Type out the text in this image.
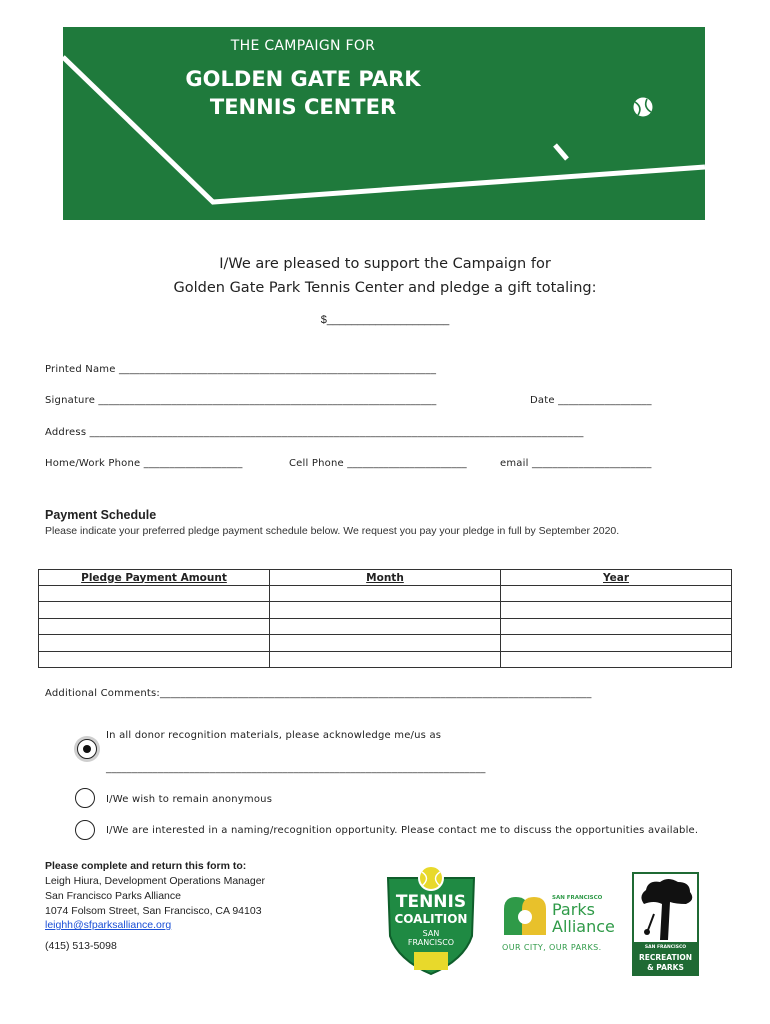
THE CAMPAIGN FOR
GOLDEN GATE PARK
TENNIS CENTER
I/We are pleased to support the Campaign for
Golden Gate Park Tennis Center and pledge a gift totaling:
$____________________
Printed Name _____________________________________________________________
Signature _________________________________________________________________	Date __________________
Address _______________________________________________________________________________________________
Home/Work Phone ___________________	Cell Phone _______________________	email _______________________
Payment Schedule
Please indicate your preferred pledge payment schedule below. We request you pay your pledge in full by September 2020.
Pledge Payment Amount	Month	Year

Additional Comments:___________________________________________________________________________________
In all donor recognition materials, please acknowledge me/us as
_________________________________________________________________________
I/We wish to remain anonymous
I/We are interested in a naming/recognition opportunity. Please contact me to discuss the opportunities available.
Please complete and return this form to:
Leigh Hiura, Development Operations Manager
San Francisco Parks Alliance
1074 Folsom Street, San Francisco, CA 94103
leighh@sfparksalliance.org
(415) 513-5098
TENNIS
COALITION
SAN
FRANCISCO
SAN FRANCISCO
Parks
Alliance
OUR CITY, OUR PARKS.	SAN FRANCISCO
RECREATION
& PARKS
